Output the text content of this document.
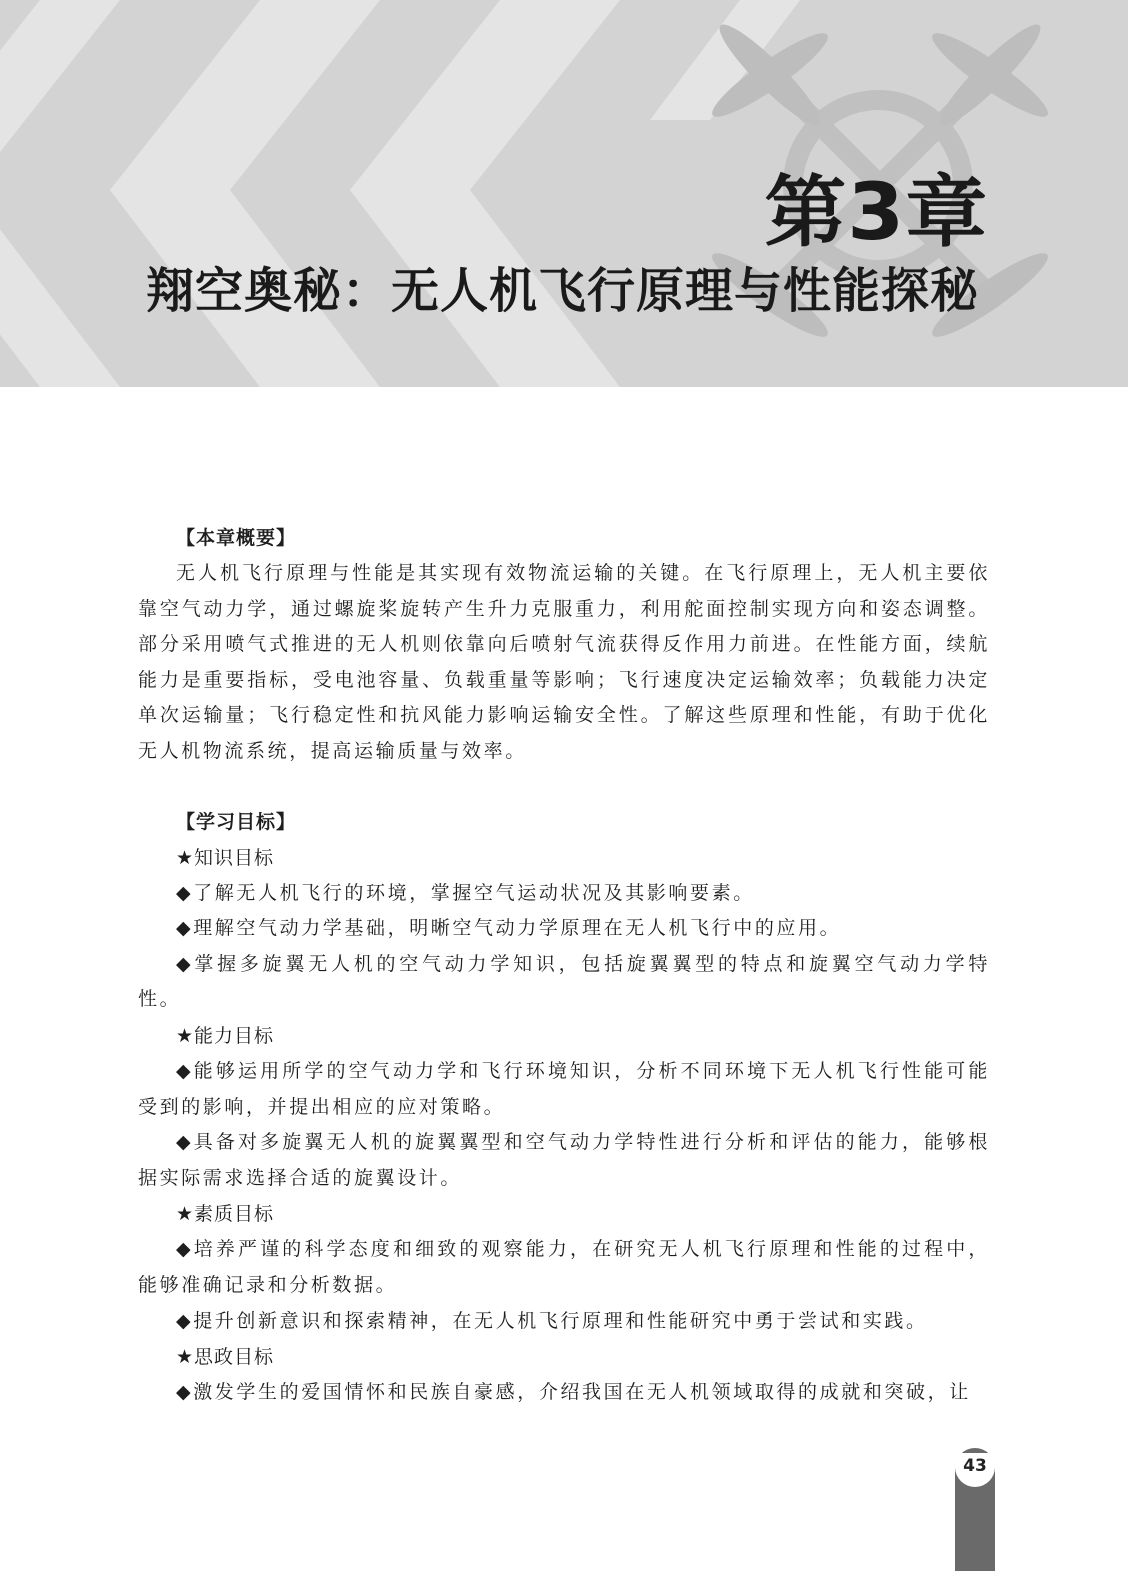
第3章
翔空奥秘：无人机飞行原理与性能探秘
【本章概要】

无人机飞行原理与性能是其实现有效物流运输的关键。在飞行原理上，无人机主要依靠空气动力学，通过螺旋桨旋转产生升力克服重力，利用舵面控制实现方向和姿态调整。部分采用喷气式推进的无人机则依靠向后喷射气流获得反作用力前进。在性能方面，续航能力是重要指标，受电池容量、负载重量等影响；飞行速度决定运输效率；负载能力决定单次运输量；飞行稳定性和抗风能力影响运输安全性。了解这些原理和性能，有助于优化无人机物流系统，提高运输质量与效率。

【学习目标】
★知识目标

◆了解无人机飞行的环境，掌握空气运动状况及其影响要素。

◆理解空气动力学基础，明晰空气动力学原理在无人机飞行中的应用。

◆掌握多旋翼无人机的空气动力学知识，包括旋翼翼型的特点和旋翼空气动力学特性。

★能力目标

◆能够运用所学的空气动力学和飞行环境知识，分析不同环境下无人机飞行性能可能受到的影响，并提出相应的应对策略。

◆具备对多旋翼无人机的旋翼翼型和空气动力学特性进行分析和评估的能力，能够根据实际需求选择合适的旋翼设计。

★素质目标

◆培养严谨的科学态度和细致的观察能力，在研究无人机飞行原理和性能的过程中，能够准确记录和分析数据。

◆提升创新意识和探索精神，在无人机飞行原理和性能研究中勇于尝试和实践。

★思政目标

◆激发学生的爱国情怀和民族自豪感，介绍我国在无人机领域取得的成就和突破，让

43
